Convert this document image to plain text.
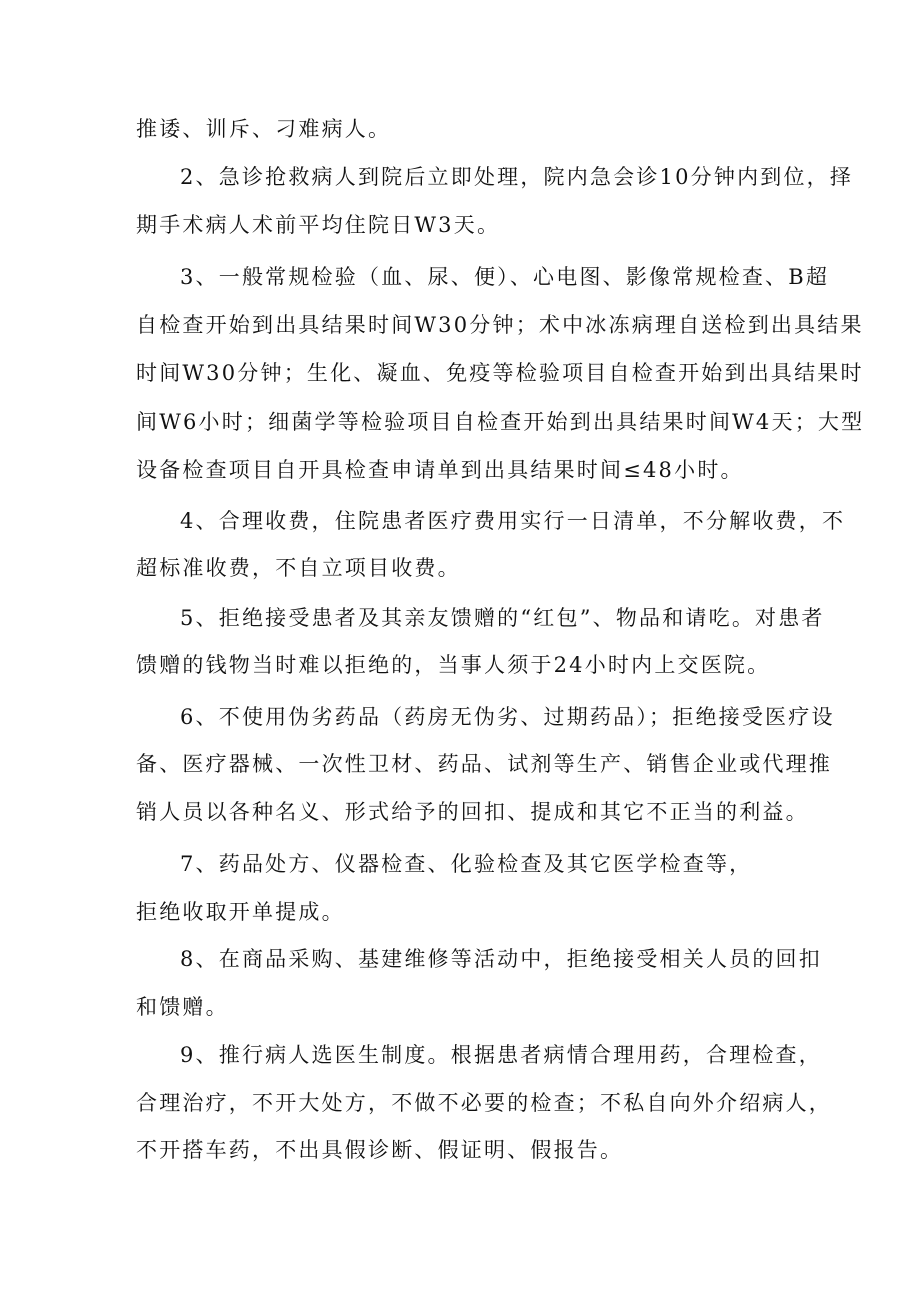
推诿、训斥、刁难病人。
2、急诊抢救病人到院后立即处理，院内急会诊10分钟内到位，择
期手术病人术前平均住院日W3天。
3、一般常规检验（血、尿、便）、心电图、影像常规检查、B超
自检查开始到出具结果时间W30分钟；术中冰冻病理自送检到出具结果
时间W30分钟；生化、凝血、免疫等检验项目自检查开始到出具结果时
间W6小时；细菌学等检验项目自检查开始到出具结果时间W4天；大型
设备检查项目自开具检查申请单到出具结果时间≤48小时。
4、合理收费，住院患者医疗费用实行一日清单，不分解收费，不
超标准收费，不自立项目收费。
5、拒绝接受患者及其亲友馈赠的“红包”、物品和请吃。对患者
馈赠的钱物当时难以拒绝的，当事人须于24小时内上交医院。
6、不使用伪劣药品（药房无伪劣、过期药品）；拒绝接受医疗设
备、医疗器械、一次性卫材、药品、试剂等生产、销售企业或代理推
销人员以各种名义、形式给予的回扣、提成和其它不正当的利益。
7、药品处方、仪器检查、化验检查及其它医学检查等，
拒绝收取开单提成。
8、在商品采购、基建维修等活动中，拒绝接受相关人员的回扣
和馈赠。
9、推行病人选医生制度。根据患者病情合理用药，合理检查，
合理治疗，不开大处方，不做不必要的检查；不私自向外介绍病人，
不开搭车药，不出具假诊断、假证明、假报告。
